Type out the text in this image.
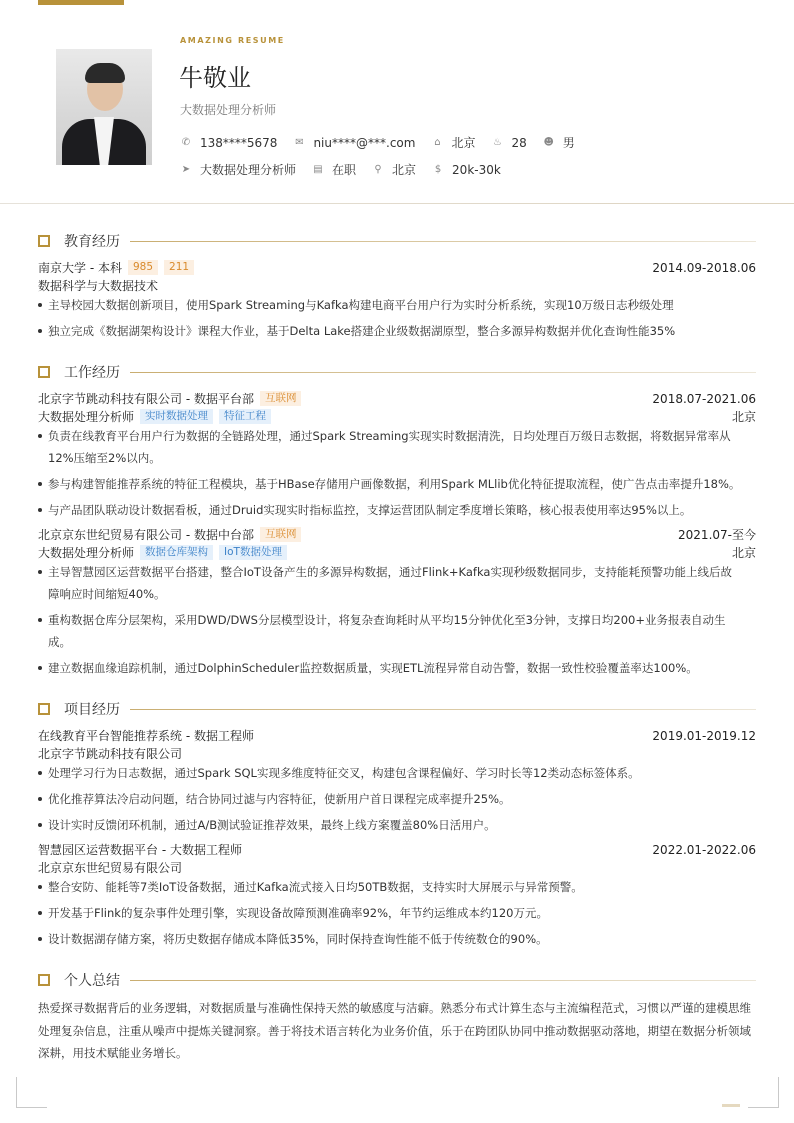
AMAZING RESUME
牛敬业
大数据处理分析师
✆ 138****5678 ✉ niu****@***.com ⌂ 北京 ♨ 28 ☻ 男
➤ 大数据处理分析师 ▤ 在职 ⚲ 北京 $ 20k-30k
教育经历
南京大学 - 本科	985	211	2014.09-2018.06
数据科学与大数据技术
主导校园大数据创新项目，使用Spark Streaming与Kafka构建电商平台用户行为实时分析系统，实现10万级日志秒级处理
独立完成《数据湖架构设计》课程大作业，基于Delta Lake搭建企业级数据湖原型，整合多源异构数据并优化查询性能35%
工作经历
北京字节跳动科技有限公司 - 数据平台部	互联网	2018.07-2021.06
大数据处理分析师	实时数据处理	特征工程	北京
负责在线教育平台用户行为数据的全链路处理，通过Spark Streaming实现实时数据清洗，日均处理百万级日志数据，将数据异常率从
12%压缩至2%以内。
参与构建智能推荐系统的特征工程模块，基于HBase存储用户画像数据，利用Spark MLlib优化特征提取流程，使广告点击率提升18%。
与产品团队联动设计数据看板，通过Druid实现实时指标监控，支撑运营团队制定季度增长策略，核心报表使用率达95%以上。
北京京东世纪贸易有限公司 - 数据中台部	互联网	2021.07-至今
大数据处理分析师	数据仓库架构	IoT数据处理	北京
主导智慧园区运营数据平台搭建，整合IoT设备产生的多源异构数据，通过Flink+Kafka实现秒级数据同步，支持能耗预警功能上线后故
障响应时间缩短40%。
重构数据仓库分层架构，采用DWD/DWS分层模型设计，将复杂查询耗时从平均15分钟优化至3分钟，支撑日均200+业务报表自动生
成。
建立数据血缘追踪机制，通过DolphinScheduler监控数据质量，实现ETL流程异常自动告警，数据一致性校验覆盖率达100%。
项目经历
在线教育平台智能推荐系统 - 数据工程师	2019.01-2019.12
北京字节跳动科技有限公司
处理学习行为日志数据，通过Spark SQL实现多维度特征交叉，构建包含课程偏好、学习时长等12类动态标签体系。
优化推荐算法冷启动问题，结合协同过滤与内容特征，使新用户首日课程完成率提升25%。
设计实时反馈闭环机制，通过A/B测试验证推荐效果，最终上线方案覆盖80%日活用户。
智慧园区运营数据平台 - 大数据工程师	2022.01-2022.06
北京京东世纪贸易有限公司
整合安防、能耗等7类IoT设备数据，通过Kafka流式接入日均50TB数据，支持实时大屏展示与异常预警。
开发基于Flink的复杂事件处理引擎，实现设备故障预测准确率92%，年节约运维成本约120万元。
设计数据湖存储方案，将历史数据存储成本降低35%，同时保持查询性能不低于传统数仓的90%。
个人总结
热爱探寻数据背后的业务逻辑，对数据质量与准确性保持天然的敏感度与洁癖。熟悉分布式计算生态与主流编程范式，习惯以严谨的建模思维处理复杂信息，注重从噪声中提炼关键洞察。善于将技术语言转化为业务价值，乐于在跨团队协同中推动数据驱动落地，期望在数据分析领域深耕，用技术赋能业务增长。
